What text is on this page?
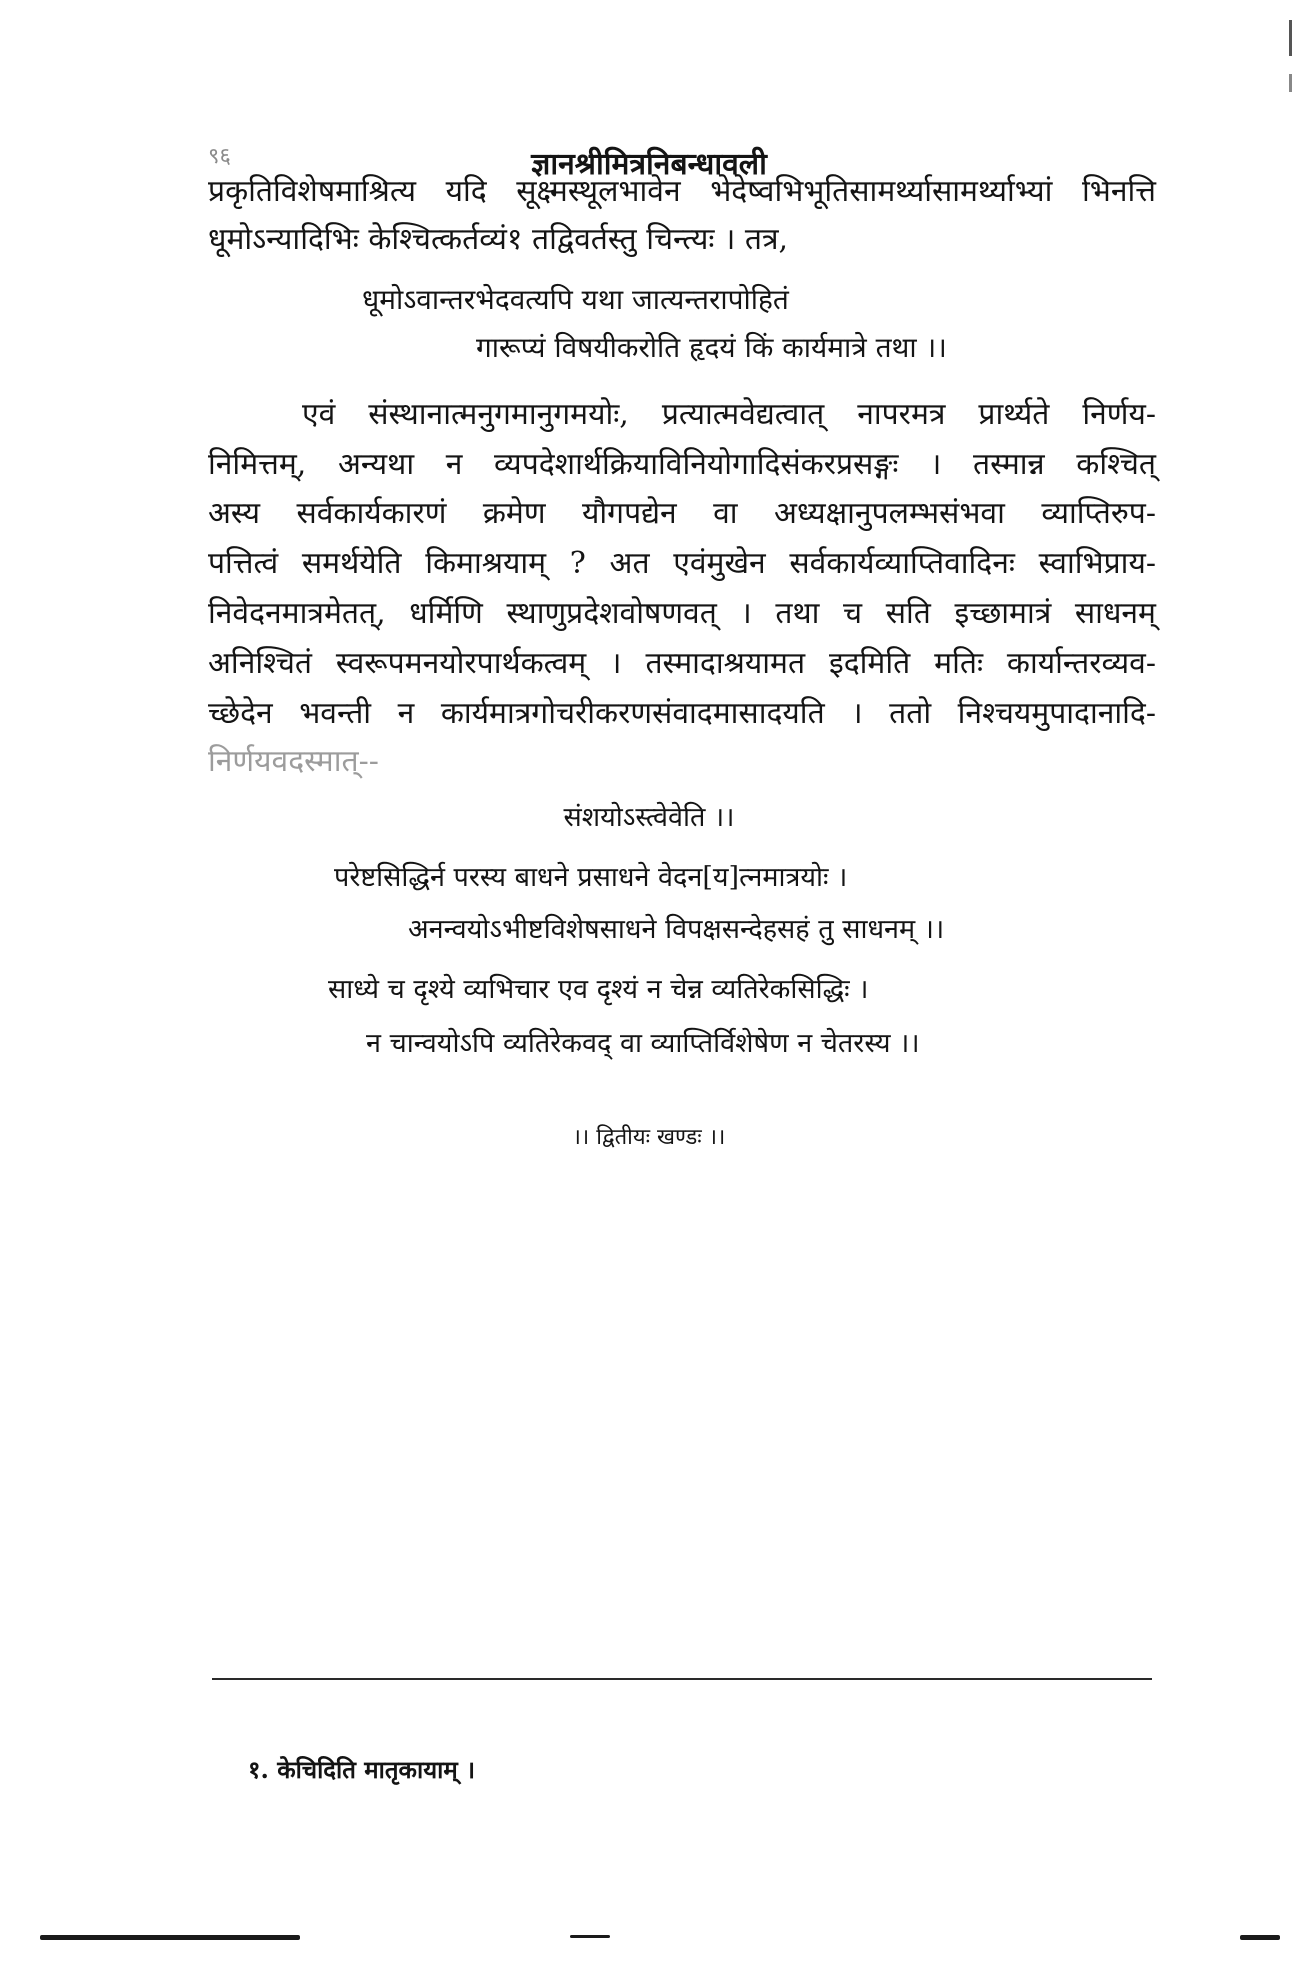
९६	ज्ञानश्रीमित्रनिबन्धावली
प्रकृतिविशेषमाश्रित्य यदि सूक्ष्मस्थूलभावेन भेदेष्वभिभूतिसामर्थ्यासामर्थ्याभ्यां भिनत्ति
धूमोऽन्यादिभिः केश्चित्कर्तव्यं१ तद्विवर्तस्तु चिन्त्यः । तत्र,
धूमोऽवान्तरभेदवत्यपि यथा जात्यन्तरापोहितं
गारूप्यं विषयीकरोति हृदयं किं कार्यमात्रे तथा ।।
एवं संस्थानात्मनुगमानुगमयोः, प्रत्यात्मवेद्यत्वात् नापरमत्र प्रार्थ्यते निर्णय-
निमित्तम्, अन्यथा न व्यपदेशार्थक्रियाविनियोगादिसंकरप्रसङ्गः । तस्मान्न कश्चित्
अस्य सर्वकार्यकारणं क्रमेण यौगपद्येन वा अध्यक्षानुपलम्भसंभवा व्याप्तिरुप-
पत्तित्वं समर्थयेति किमाश्रयाम् ? अत एवंमुखेन सर्वकार्यव्याप्तिवादिनः स्वाभिप्राय-
निवेदनमात्रमेतत्, धर्मिणि स्थाणुप्रदेशवोषणवत् । तथा च सति इच्छामात्रं साधनम्
अनिश्चितं स्वरूपमनयोरपार्थकत्वम् । तस्मादाश्रयामत इदमिति मतिः कार्यान्तरव्यव-
च्छेदेन भवन्ती न कार्यमात्रगोचरीकरणसंवादमासादयति । ततो निश्चयमुपादानादि-
निर्णयवदस्मात्--
संशयोऽस्त्वेवेति ।।
परेष्टसिद्धिर्न परस्य बाधने प्रसाधने वेदन[य]त्नमात्रयोः ।
अनन्वयोऽभीष्टविशेषसाधने विपक्षसन्देहसहं तु साधनम् ।।
साध्ये च दृश्ये व्यभिचार एव दृश्यं न चेन्न व्यतिरेकसिद्धिः ।
न चान्वयोऽपि व्यतिरेकवद् वा व्याप्तिर्विशेषेण न चेतरस्य ।।
।। द्वितीयः खण्डः ।।
१. केचिदिति मातृकायाम् ।
